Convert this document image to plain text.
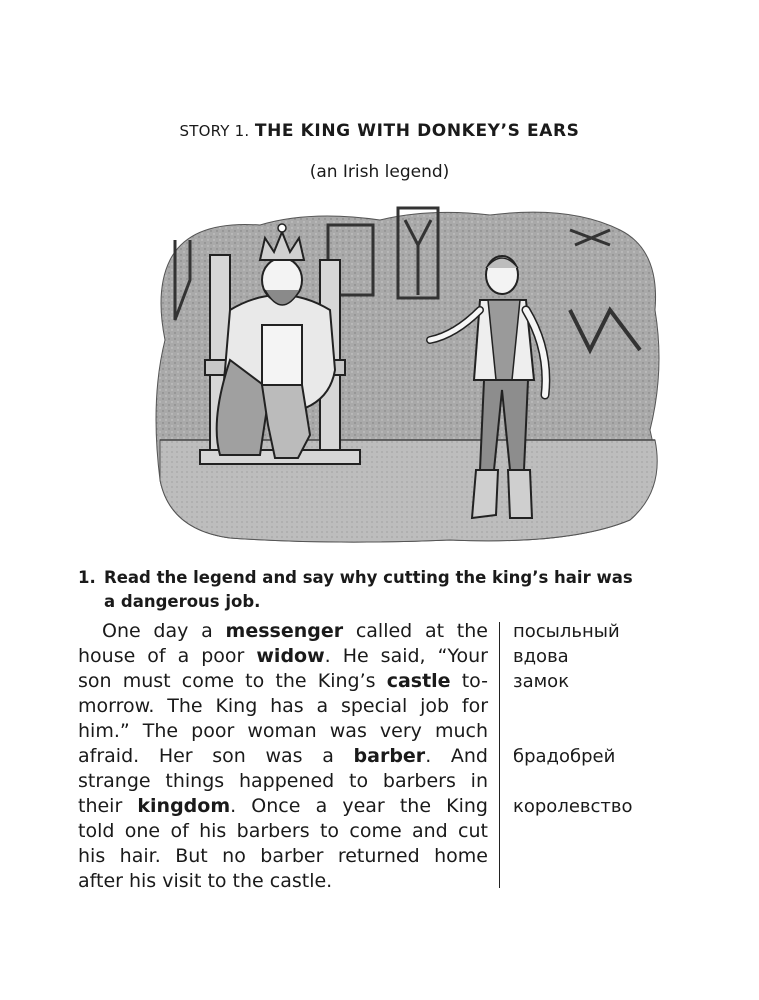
STORY 1. THE KING WITH DONKEY’S EARS
(an Irish legend)
1. Read the legend and say why cutting the king’s hair was
a dangerous job.
One day a messenger called at the
house of a poor widow. He said, “Your
son must come to the King’s castle to-
morrow. The King has a special job for
him.” The poor woman was very much
afraid. Her son was a barber. And
strange things happened to barbers in
their kingdom. Once a year the King
told one of his barbers to come and cut
his hair. But no barber returned home
after his visit to the castle.
посыльный
вдова
замок
брадобрей
королевство
